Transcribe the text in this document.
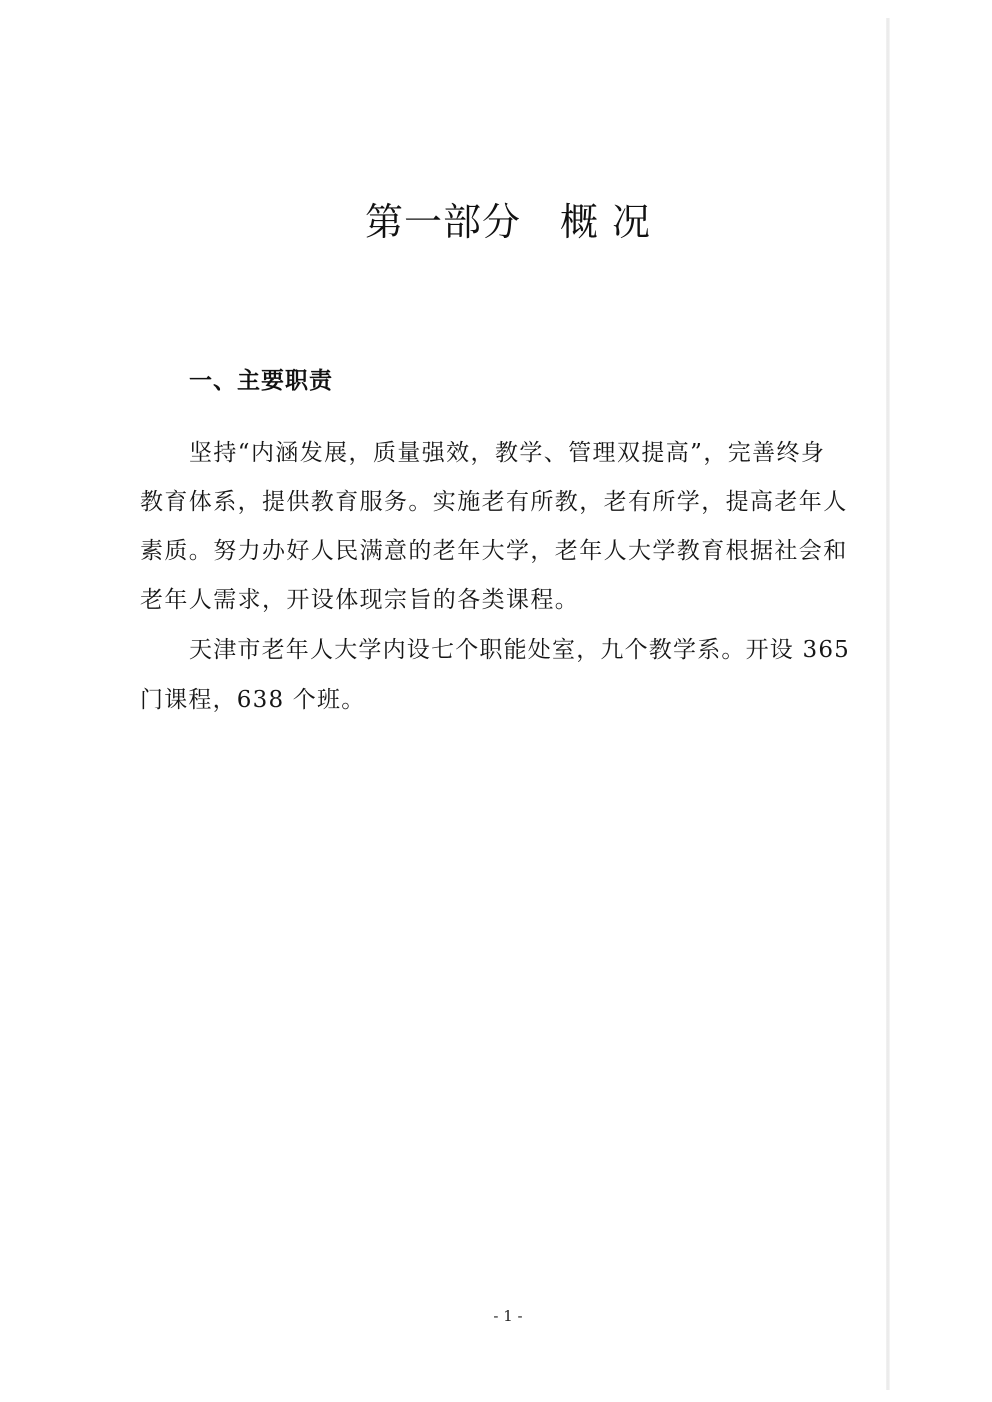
第一部分　概 况
一、主要职责
坚持“内涵发展，质量强效，教学、管理双提高”，完善终身
教育体系，提供教育服务。实施老有所教，老有所学，提高老年人
素质。努力办好人民满意的老年大学，老年人大学教育根据社会和
老年人需求，开设体现宗旨的各类课程。
天津市老年人大学内设七个职能处室，九个教学系。开设 365
门课程，638 个班。
- 1 -
